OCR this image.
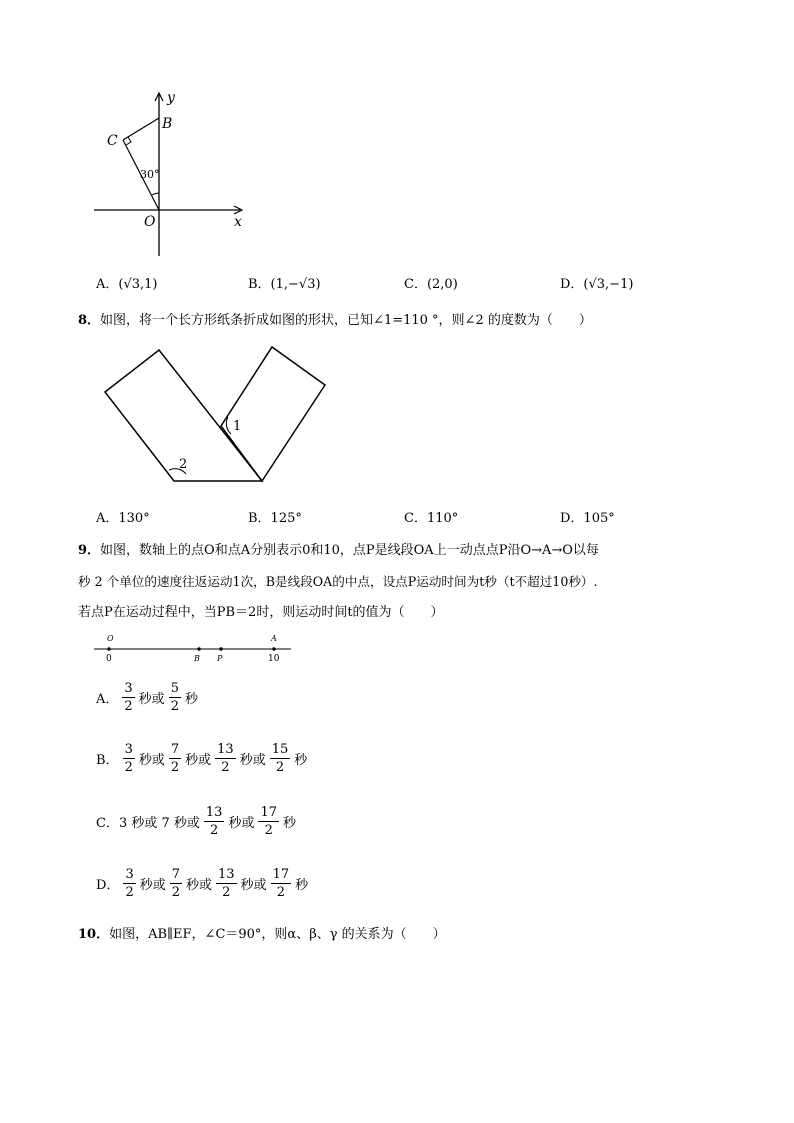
y
x
B
C
O
30°
A．(√3,1)	B．(1,−√3)	C．(2,0)	D．(√3,−1)
8．如图，将一个长方形纸条折成如图的形状，已知∠1=110 °，则∠2 的度数为（　　）
1
2
A．130°	B．125°	C．110°	D．105°
9．如图，数轴上的点O和点A分别表示0和10，点P是线段OA上一动点点P沿O→A→O以每
秒 2 个单位的速度往返运动1次，B是线段OA的中点，设点P运动时间为t秒（t不超过10秒）.
若点P在运动过程中，当PB＝2时，则运动时间t的值为（　　）
O
0	B P
A
10
A． $\frac{3}{2}$ 秒或 $\frac{5}{2}$ 秒
B． $\frac{3}{2}$ 秒或 $\frac{7}{2}$ 秒或 $\frac{13}{2}$ 秒或 $\frac{15}{2}$ 秒
C． 3 秒或 7 秒或 $\frac{13}{2}$ 秒或 $\frac{17}{2}$ 秒
D． $\frac{3}{2}$ 秒或 $\frac{7}{2}$ 秒或 $\frac{13}{2}$ 秒或 $\frac{17}{2}$ 秒
10．如图，AB∥EF，∠C＝90°，则α、β、γ 的关系为（　　）
